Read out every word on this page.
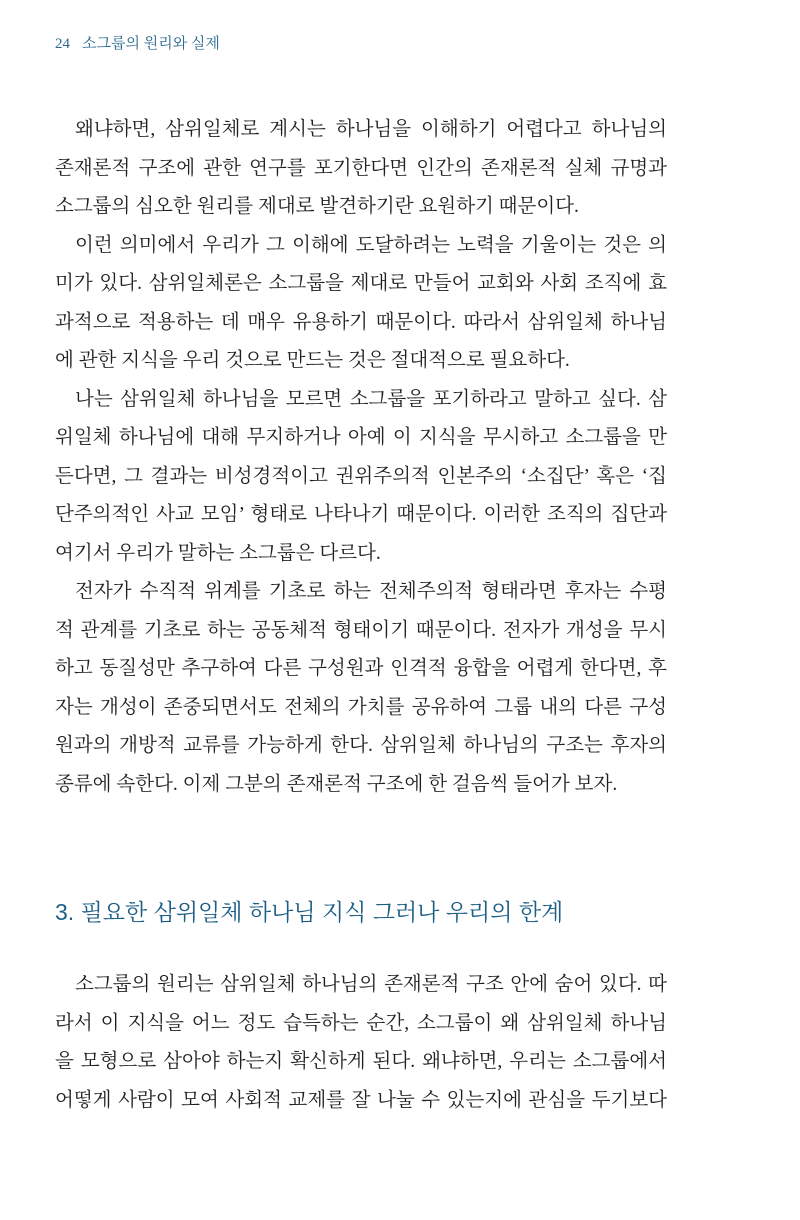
24 소그룹의 원리와 실제
왜냐하면, 삼위일체로 계시는 하나님을 이해하기 어렵다고 하나님의
존재론적 구조에 관한 연구를 포기한다면 인간의 존재론적 실체 규명과
소그룹의 심오한 원리를 제대로 발견하기란 요원하기 때문이다.
이런 의미에서 우리가 그 이해에 도달하려는 노력을 기울이는 것은 의
미가 있다. 삼위일체론은 소그룹을 제대로 만들어 교회와 사회 조직에 효
과적으로 적용하는 데 매우 유용하기 때문이다. 따라서 삼위일체 하나님
에 관한 지식을 우리 것으로 만드는 것은 절대적으로 필요하다.
나는 삼위일체 하나님을 모르면 소그룹을 포기하라고 말하고 싶다. 삼
위일체 하나님에 대해 무지하거나 아예 이 지식을 무시하고 소그룹을 만
든다면, 그 결과는 비성경적이고 권위주의적 인본주의 ‘소집단’ 혹은 ‘집
단주의적인 사교 모임’ 형태로 나타나기 때문이다. 이러한 조직의 집단과
여기서 우리가 말하는 소그룹은 다르다.
전자가 수직적 위계를 기초로 하는 전체주의적 형태라면 후자는 수평
적 관계를 기초로 하는 공동체적 형태이기 때문이다. 전자가 개성을 무시
하고 동질성만 추구하여 다른 구성원과 인격적 융합을 어렵게 한다면, 후
자는 개성이 존중되면서도 전체의 가치를 공유하여 그룹 내의 다른 구성
원과의 개방적 교류를 가능하게 한다. 삼위일체 하나님의 구조는 후자의
종류에 속한다. 이제 그분의 존재론적 구조에 한 걸음씩 들어가 보자.
3. 필요한 삼위일체 하나님 지식 그러나 우리의 한계
소그룹의 원리는 삼위일체 하나님의 존재론적 구조 안에 숨어 있다. 따
라서 이 지식을 어느 정도 습득하는 순간, 소그룹이 왜 삼위일체 하나님
을 모형으로 삼아야 하는지 확신하게 된다. 왜냐하면, 우리는 소그룹에서
어떻게 사람이 모여 사회적 교제를 잘 나눌 수 있는지에 관심을 두기보다
